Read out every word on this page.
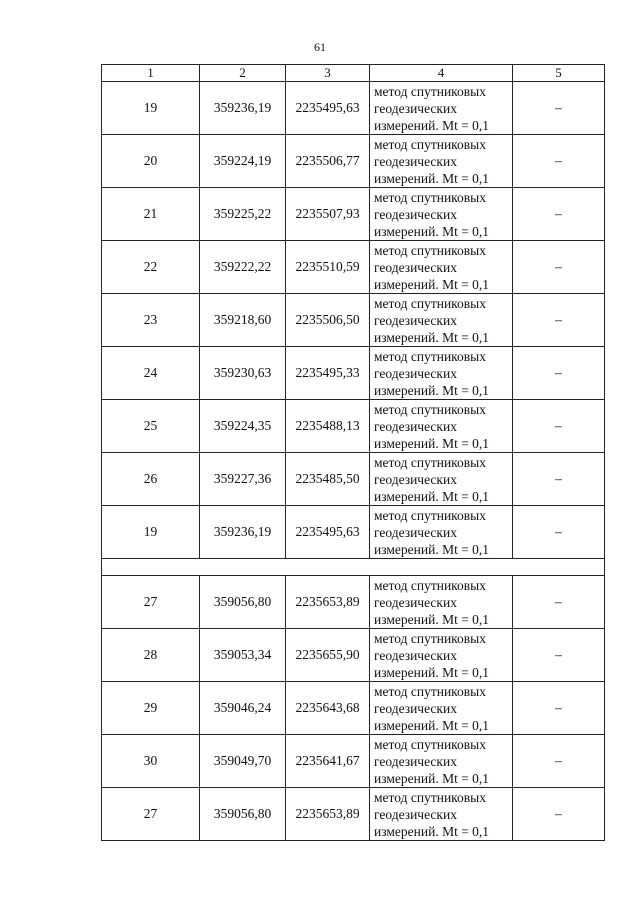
61
1	2	3	4	5
19	359236,19	2235495,63	метод спутниковых
геодезических
измерений. Mt = 0,1	–
20	359224,19	2235506,77	метод спутниковых
геодезических
измерений. Mt = 0,1	–
21	359225,22	2235507,93	метод спутниковых
геодезических
измерений. Mt = 0,1	–
22	359222,22	2235510,59	метод спутниковых
геодезических
измерений. Mt = 0,1	–
23	359218,60	2235506,50	метод спутниковых
геодезических
измерений. Mt = 0,1	–
24	359230,63	2235495,33	метод спутниковых
геодезических
измерений. Mt = 0,1	–
25	359224,35	2235488,13	метод спутниковых
геодезических
измерений. Mt = 0,1	–
26	359227,36	2235485,50	метод спутниковых
геодезических
измерений. Mt = 0,1	–
19	359236,19	2235495,63	метод спутниковых
геодезических
измерений. Mt = 0,1	–

27	359056,80	2235653,89	метод спутниковых
геодезических
измерений. Mt = 0,1	–
28	359053,34	2235655,90	метод спутниковых
геодезических
измерений. Mt = 0,1	–
29	359046,24	2235643,68	метод спутниковых
геодезических
измерений. Mt = 0,1	–
30	359049,70	2235641,67	метод спутниковых
геодезических
измерений. Mt = 0,1	–
27	359056,80	2235653,89	метод спутниковых
геодезических
измерений. Mt = 0,1	–
